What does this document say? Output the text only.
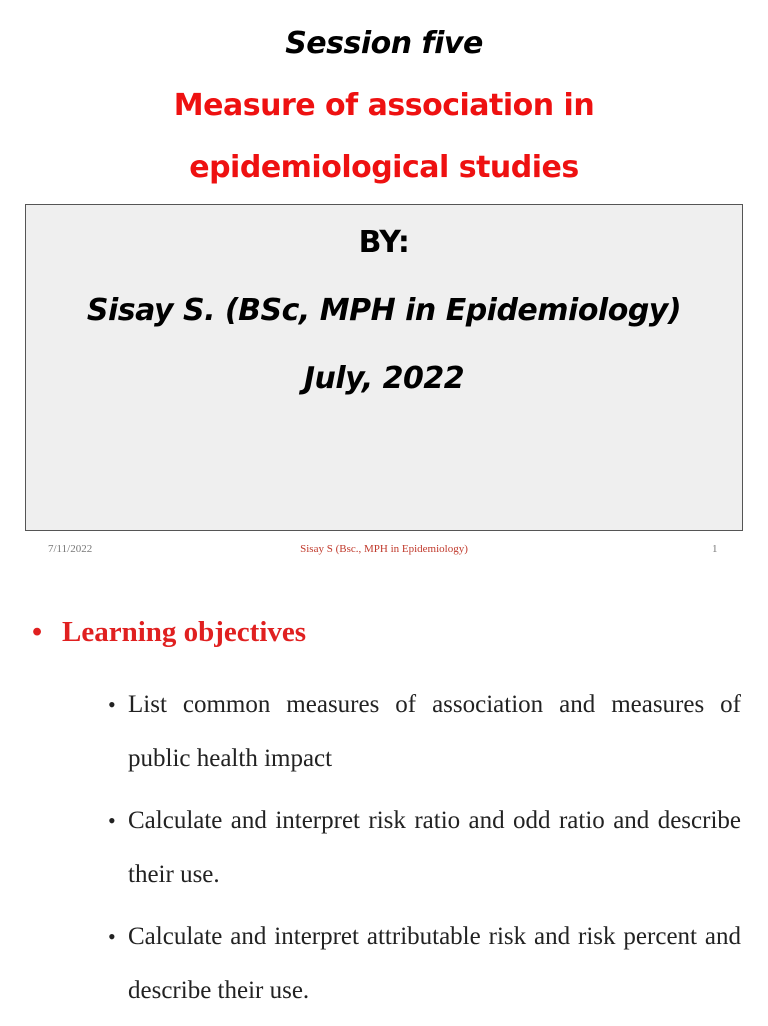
Session five
Measure of association in
epidemiological studies
BY:
Sisay S. (BSc, MPH in Epidemiology)
July, 2022
7/11/2022	Sisay S (Bsc., MPH in Epidemiology)	1
• Learning objectives
• List common measures of association and measures of public health impact
• Calculate and interpret risk ratio and odd ratio and describe their use.
• Calculate and interpret attributable risk and risk percent and describe their use.
